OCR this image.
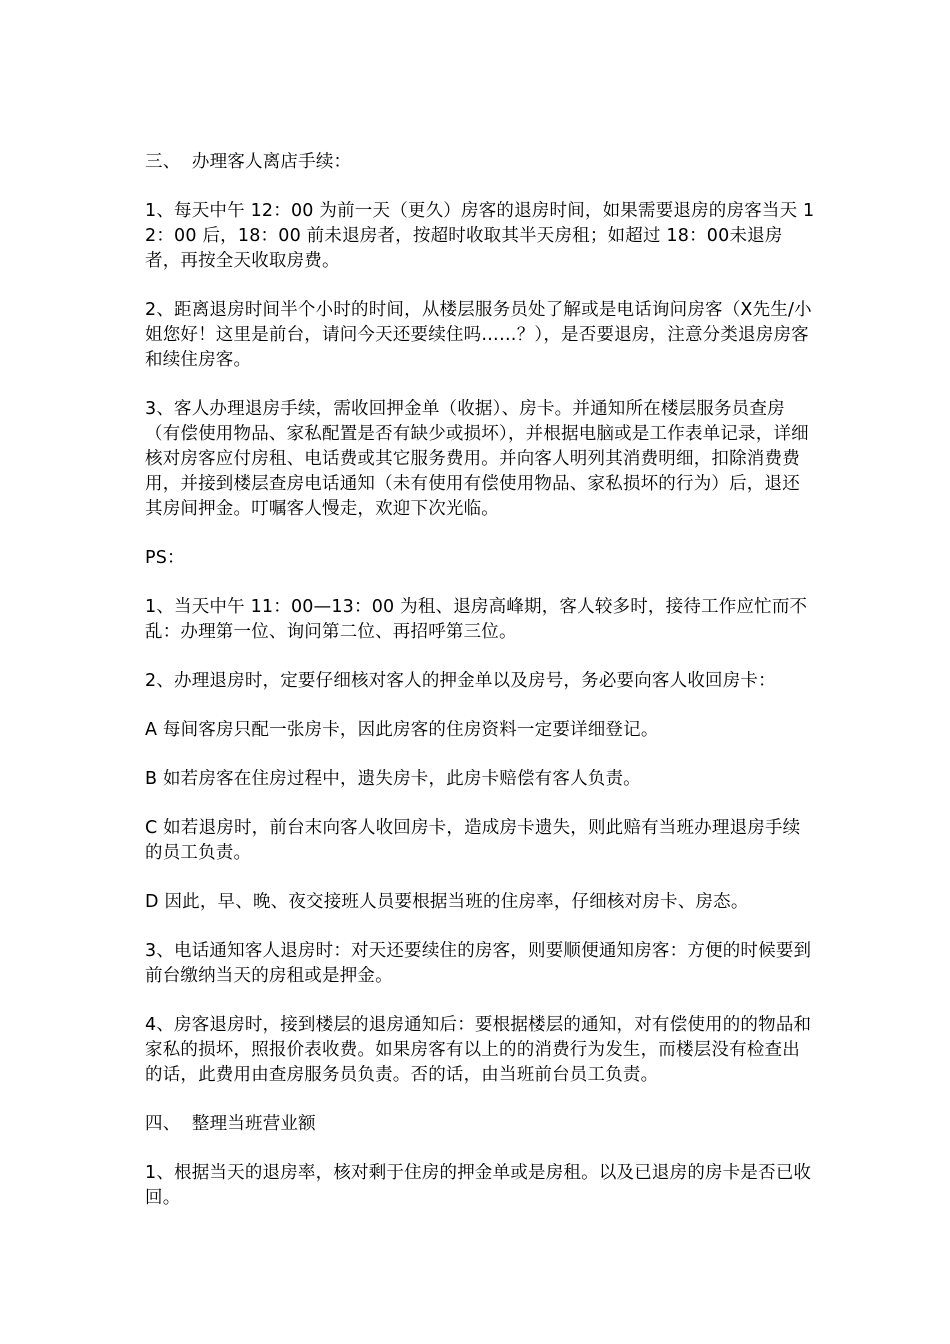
三、  办理客人离店手续：

1、每天中午 12：00 为前一天（更久）房客的退房时间，如果需要退房的房客当天 12：00 后，18：00 前未退房者，按超时收取其半天房租；如超过 18：00未退房者，再按全天收取房费。

2、距离退房时间半个小时的时间，从楼层服务员处了解或是电话询问房客（X先生/小姐您好！这里是前台，请问今天还要续住吗……？），是否要退房，注意分类退房房客和续住房客。

3、客人办理退房手续，需收回押金单（收据）、房卡。并通知所在楼层服务员查房（有偿使用物品、家私配置是否有缺少或损坏），并根据电脑或是工作表单记录，详细核对房客应付房租、电话费或其它服务费用。并向客人明列其消费明细，扣除消费费用，并接到楼层查房电话通知（未有使用有偿使用物品、家私损坏的行为）后，退还其房间押金。叮嘱客人慢走，欢迎下次光临。

PS：

1、当天中午 11：00—13：00 为租、退房高峰期，客人较多时，接待工作应忙而不乱：办理第一位、询问第二位、再招呼第三位。

2、办理退房时，定要仔细核对客人的押金单以及房号，务必要向客人收回房卡：

A 每间客房只配一张房卡，因此房客的住房资料一定要详细登记。

B 如若房客在住房过程中，遗失房卡，此房卡赔偿有客人负责。

C 如若退房时，前台末向客人收回房卡，造成房卡遗失，则此赔有当班办理退房手续的员工负责。

D 因此，早、晚、夜交接班人员要根据当班的住房率，仔细核对房卡、房态。

3、电话通知客人退房时：对天还要续住的房客，则要顺便通知房客：方便的时候要到前台缴纳当天的房租或是押金。

4、房客退房时，接到楼层的退房通知后：要根据楼层的通知，对有偿使用的的物品和家私的损坏，照报价表收费。如果房客有以上的的消费行为发生，而楼层没有检查出的话，此费用由查房服务员负责。否的话，由当班前台员工负责。

四、  整理当班营业额

1、根据当天的退房率，核对剩于住房的押金单或是房租。以及已退房的房卡是否已收回。
